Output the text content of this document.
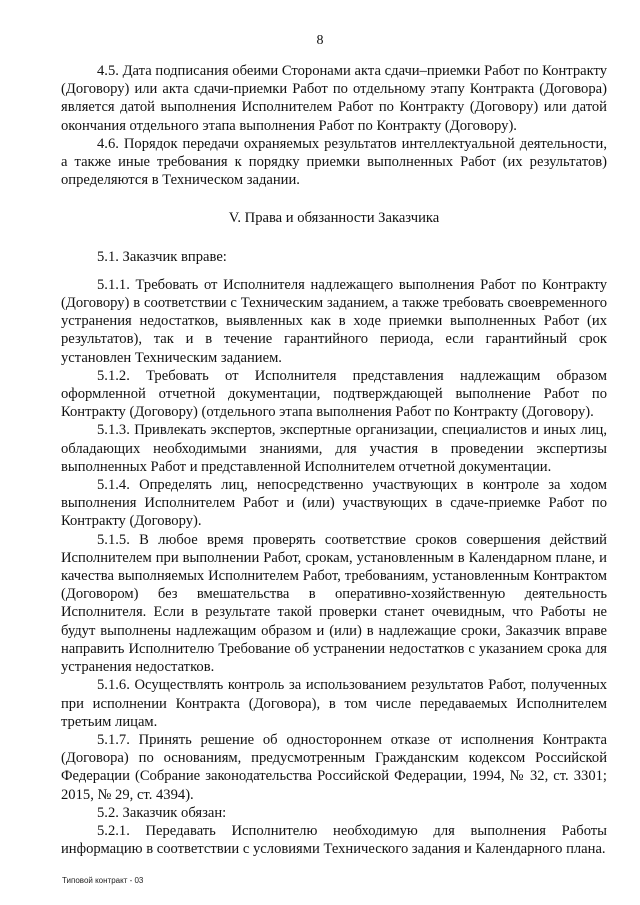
8

4.5. Дата подписания обеими Сторонами акта сдачи–приемки Работ по Контракту (Договору) или акта сдачи-приемки Работ по отдельному этапу Контракта (Договора) является датой выполнения Исполнителем Работ по Контракту (Договору) или датой окончания отдельного этапа выполнения Работ по Контракту (Договору).

4.6. Порядок передачи охраняемых результатов интеллектуальной деятельности, а также иные требования к порядку приемки выполненных Работ (их результатов) определяются в Техническом задании.

V. Права и обязанности Заказчика

5.1. Заказчик вправе:

5.1.1. Требовать от Исполнителя надлежащего выполнения Работ по Контракту (Договору) в соответствии с Техническим заданием, а также требовать своевременного устранения недостатков, выявленных как в ходе приемки выполненных Работ (их результатов), так и в течение гарантийного периода, если гарантийный срок установлен Техническим заданием.

5.1.2. Требовать от Исполнителя представления надлежащим образом оформленной отчетной документации, подтверждающей выполнение Работ по Контракту (Договору) (отдельного этапа выполнения Работ по Контракту (Договору).

5.1.3. Привлекать экспертов, экспертные организации, специалистов и иных лиц, обладающих необходимыми знаниями, для участия в проведении экспертизы выполненных Работ и представленной Исполнителем отчетной документации.

5.1.4. Определять лиц, непосредственно участвующих в контроле за ходом выполнения Исполнителем Работ и (или) участвующих в сдаче-приемке Работ по Контракту (Договору).

5.1.5. В любое время проверять соответствие сроков совершения действий Исполнителем при выполнении Работ, срокам, установленным в Календарном плане, и качества выполняемых Исполнителем Работ, требованиям, установленным Контрактом (Договором) без вмешательства в оперативно-хозяйственную деятельность Исполнителя. Если в результате такой проверки станет очевидным, что Работы не будут выполнены надлежащим образом и (или) в надлежащие сроки, Заказчик вправе направить Исполнителю Требование об устранении недостатков с указанием срока для устранения недостатков.

5.1.6. Осуществлять контроль за использованием результатов Работ, полученных при исполнении Контракта (Договора), в том числе передаваемых Исполнителем третьим лицам.

5.1.7. Принять решение об одностороннем отказе от исполнения Контракта (Договора) по основаниям, предусмотренным Гражданским кодексом Российской Федерации (Собрание законодательства Российской Федерации, 1994, № 32, ст. 3301; 2015, № 29, ст. 4394).

5.2. Заказчик обязан:

5.2.1. Передавать Исполнителю необходимую для выполнения Работы информацию в соответствии с условиями Технического задания и Календарного плана.

Типовой контракт - 03
